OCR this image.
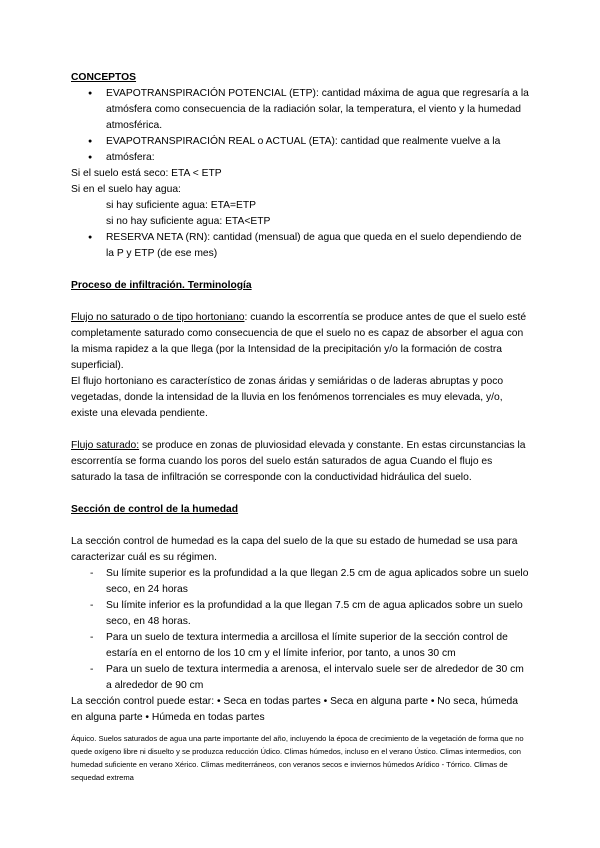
CONCEPTOS

● EVAPOTRANSPIRACIÓN POTENCIAL (ETP): cantidad máxima de agua que regresaría a la atmósfera como consecuencia de la radiación solar, la temperatura, el viento y la humedad atmosférica.
● EVAPOTRANSPIRACIÓN REAL o ACTUAL (ETA): cantidad que realmente vuelve a la
● atmósfera:

Si el suelo está seco: ETA < ETP

Si en el suelo hay agua:

si hay suficiente agua: ETA=ETP

si no hay suficiente agua: ETA<ETP

● RESERVA NETA (RN): cantidad (mensual) de agua que queda en el suelo dependiendo de la P y ETP (de ese mes)

Proceso de infiltración. Terminología

Flujo no saturado o de tipo hortoniano: cuando la escorrentía se produce antes de que el suelo esté completamente saturado como consecuencia de que el suelo no es capaz de absorber el agua con la misma rapidez a la que llega (por la Intensidad de la precipitación y/o la formación de costra superficial).

El flujo hortoniano es característico de zonas áridas y semiáridas o de laderas abruptas y poco vegetadas, donde la intensidad de la lluvia en los fenómenos torrenciales es muy elevada, y/o, existe una elevada pendiente.

Flujo saturado: se produce en zonas de pluviosidad elevada y constante. En estas circunstancias la escorrentía se forma cuando los poros del suelo están saturados de agua Cuando el flujo es saturado la tasa de infiltración se corresponde con la conductividad hidráulica del suelo.

Sección de control de la humedad

La sección control de humedad es la capa del suelo de la que su estado de humedad se usa para caracterizar cuál es su régimen.

- Su límite superior es la profundidad a la que llegan 2.5 cm de agua aplicados sobre un suelo seco, en 24 horas
- Su límite inferior es la profundidad a la que llegan 7.5 cm de agua aplicados sobre un suelo seco, en 48 horas.
- Para un suelo de textura intermedia a arcillosa el límite superior de la sección control de estaría en el entorno de los 10 cm y el límite inferior, por tanto, a unos 30 cm
- Para un suelo de textura intermedia a arenosa, el intervalo suele ser de alrededor de 30 cm a alrededor de 90 cm

La sección control puede estar: • Seca en todas partes • Seca en alguna parte • No seca, húmeda en alguna parte • Húmeda en todas partes

Áquico. Suelos saturados de agua una parte importante del año, incluyendo la época de crecimiento de la vegetación de forma que no quede oxígeno libre ni disuelto y se produzca reducción Údico. Climas húmedos, incluso en el verano Ústico. Climas intermedios, con humedad suficiente en verano Xérico. Climas mediterráneos, con veranos secos e inviernos húmedos Arídico - Tórrico. Climas de sequedad extrema
